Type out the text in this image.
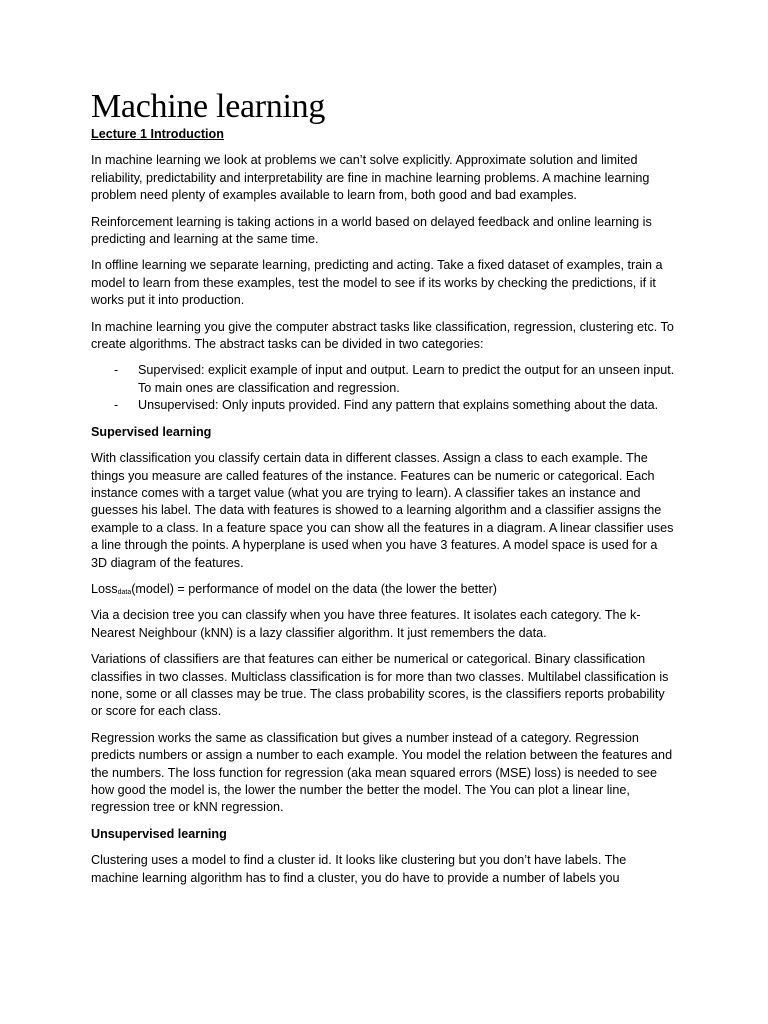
Machine learning
Lecture 1 Introduction

In machine learning we look at problems we can’t solve explicitly. Approximate solution and limited reliability, predictability and interpretability are fine in machine learning problems. A machine learning problem need plenty of examples available to learn from, both good and bad examples.

Reinforcement learning is taking actions in a world based on delayed feedback and online learning is predicting and learning at the same time.

In offline learning we separate learning, predicting and acting. Take a fixed dataset of examples, train a model to learn from these examples, test the model to see if its works by checking the predictions, if it works put it into production.

In machine learning you give the computer abstract tasks like classification, regression, clustering etc. To create algorithms. The abstract tasks can be divided in two categories:

- Supervised: explicit example of input and output. Learn to predict the output for an unseen input. To main ones are classification and regression.
- Unsupervised: Only inputs provided. Find any pattern that explains something about the data.
Supervised learning

With classification you classify certain data in different classes. Assign a class to each example. The things you measure are called features of the instance. Features can be numeric or categorical. Each instance comes with a target value (what you are trying to learn). A classifier takes an instance and guesses his label. The data with features is showed to a learning algorithm and a classifier assigns the example to a class. In a feature space you can show all the features in a diagram. A linear classifier uses a line through the points. A hyperplane is used when you have 3 features. A model space is used for a 3D diagram of the features.

Loss$_{data}$(model) = performance of model on the data (the lower the better)

Via a decision tree you can classify when you have three features. It isolates each category. The k-Nearest Neighbour (kNN) is a lazy classifier algorithm. It just remembers the data.

Variations of classifiers are that features can either be numerical or categorical. Binary classification classifies in two classes. Multiclass classification is for more than two classes. Multilabel classification is none, some or all classes may be true. The class probability scores, is the classifiers reports probability or score for each class.

Regression works the same as classification but gives a number instead of a category. Regression predicts numbers or assign a number to each example. You model the relation between the features and the numbers. The loss function for regression (aka mean squared errors (MSE) loss) is needed to see how good the model is, the lower the number the better the model. The You can plot a linear line, regression tree or kNN regression.

Unsupervised learning

Clustering uses a model to find a cluster id. It looks like clustering but you don’t have labels. The machine learning algorithm has to find a cluster, you do have to provide a number of labels you
